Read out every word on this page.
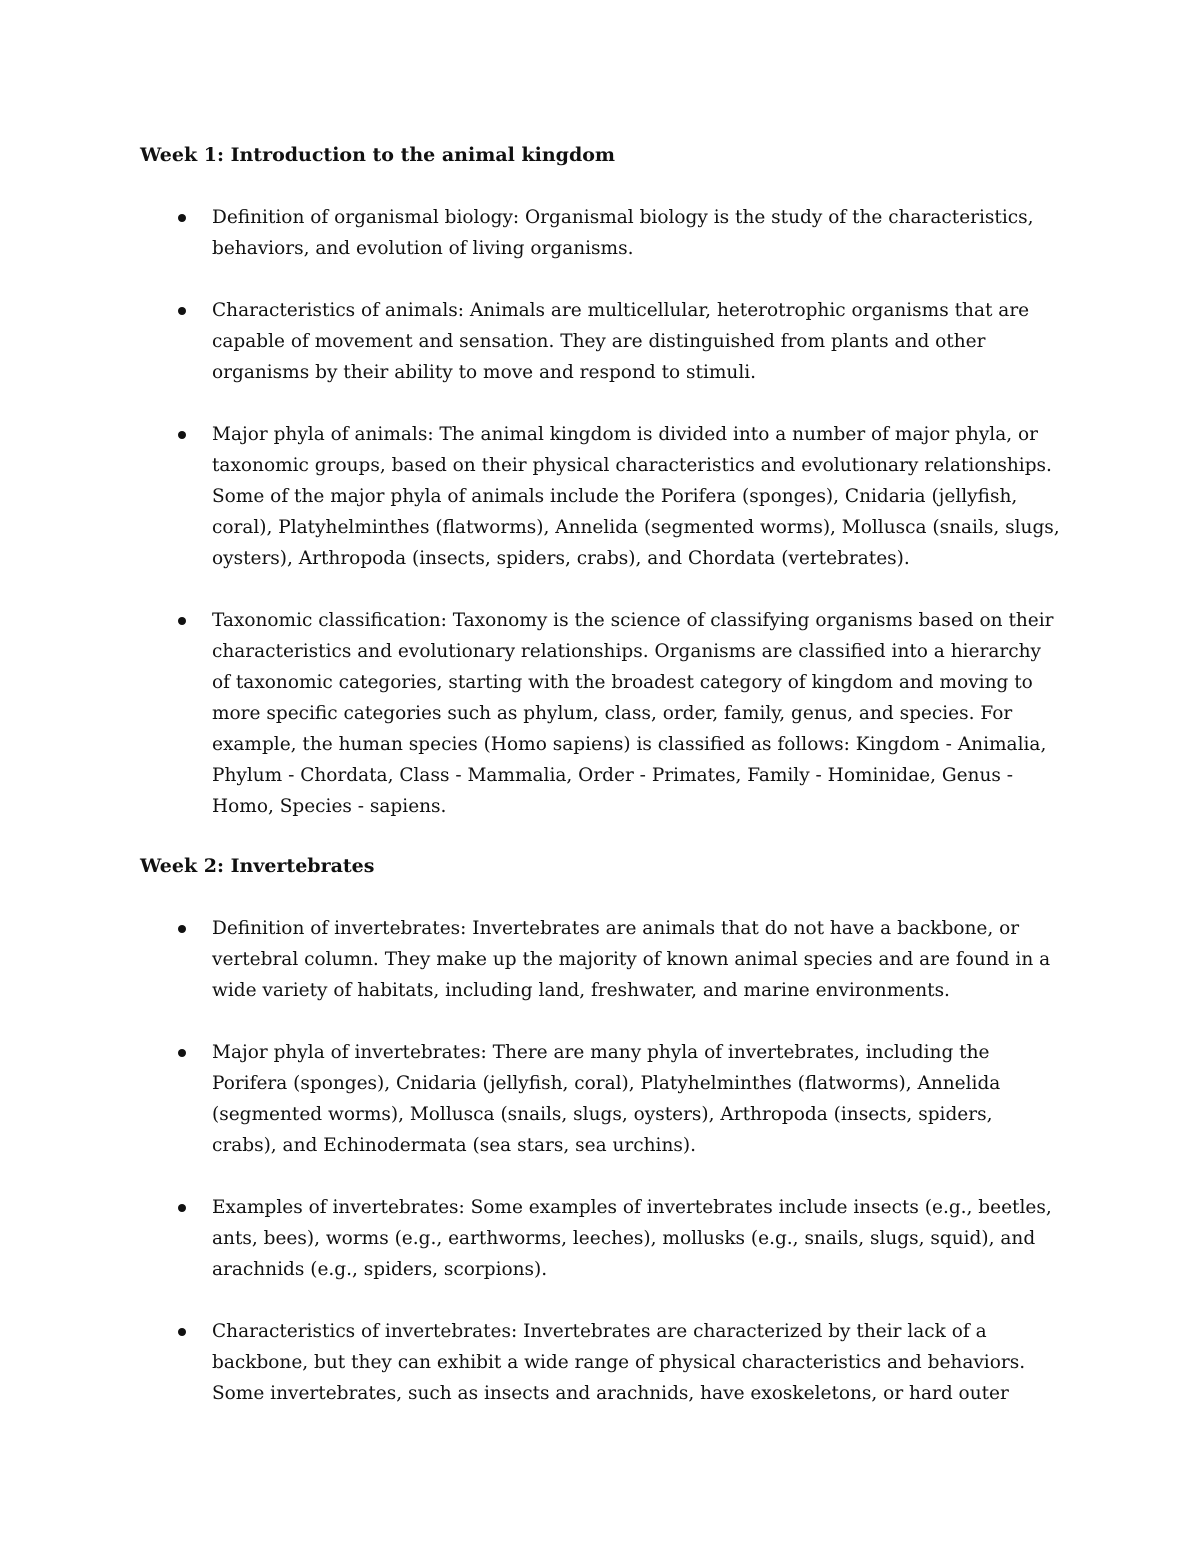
Week 1: Introduction to the animal kingdom
Definition of organismal biology: Organismal biology is the study of the characteristics, behaviors, and evolution of living organisms.
Characteristics of animals: Animals are multicellular, heterotrophic organisms that are capable of movement and sensation. They are distinguished from plants and other organisms by their ability to move and respond to stimuli.
Major phyla of animals: The animal kingdom is divided into a number of major phyla, or taxonomic groups, based on their physical characteristics and evolutionary relationships. Some of the major phyla of animals include the Porifera (sponges), Cnidaria (jellyfish, coral), Platyhelminthes (flatworms), Annelida (segmented worms), Mollusca (snails, slugs, oysters), Arthropoda (insects, spiders, crabs), and Chordata (vertebrates).
Taxonomic classification: Taxonomy is the science of classifying organisms based on their characteristics and evolutionary relationships. Organisms are classified into a hierarchy of taxonomic categories, starting with the broadest category of kingdom and moving to more specific categories such as phylum, class, order, family, genus, and species. For example, the human species (Homo sapiens) is classified as follows: Kingdom - Animalia, Phylum - Chordata, Class - Mammalia, Order - Primates, Family - Hominidae, Genus - Homo, Species - sapiens.
Week 2: Invertebrates
Definition of invertebrates: Invertebrates are animals that do not have a backbone, or vertebral column. They make up the majority of known animal species and are found in a wide variety of habitats, including land, freshwater, and marine environments.
Major phyla of invertebrates: There are many phyla of invertebrates, including the Porifera (sponges), Cnidaria (jellyfish, coral), Platyhelminthes (flatworms), Annelida (segmented worms), Mollusca (snails, slugs, oysters), Arthropoda (insects, spiders, crabs), and Echinodermata (sea stars, sea urchins).
Examples of invertebrates: Some examples of invertebrates include insects (e.g., beetles, ants, bees), worms (e.g., earthworms, leeches), mollusks (e.g., snails, slugs, squid), and arachnids (e.g., spiders, scorpions).
Characteristics of invertebrates: Invertebrates are characterized by their lack of a backbone, but they can exhibit a wide range of physical characteristics and behaviors. Some invertebrates, such as insects and arachnids, have exoskeletons, or hard outer
